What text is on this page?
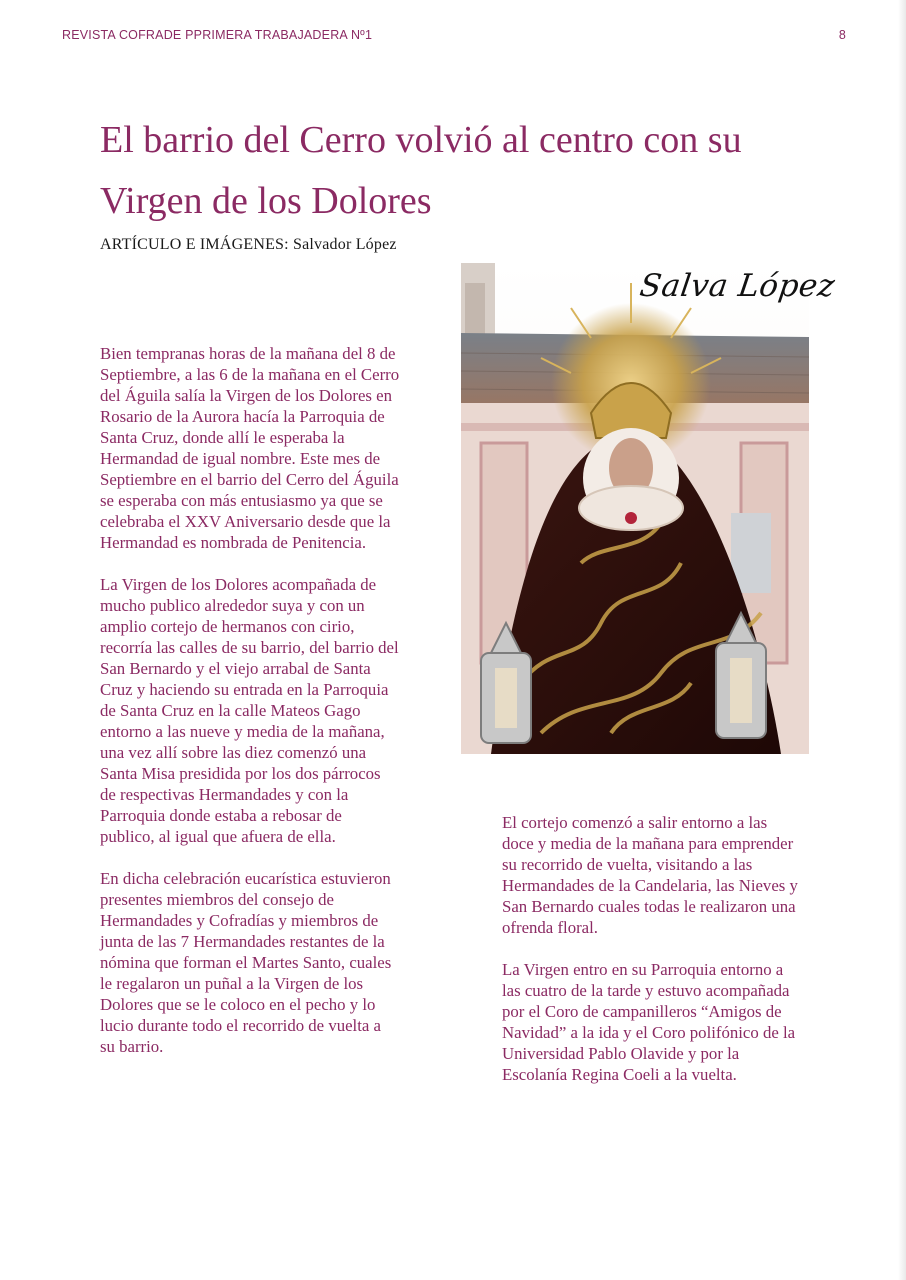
REVISTA COFRADE PPRIMERA TRABAJADERA Nº1	8
El barrio del Cerro volvió al centro con su
Virgen de los Dolores
ARTÍCULO E IMÁGENES: Salvador López

Bien tempranas horas de la mañana del 8 de Septiembre, a las 6 de la mañana en el Cerro del Águila salía la Virgen de los Dolores en Rosario de la Aurora hacía la Parroquia de Santa Cruz, donde allí le esperaba la Hermandad de igual nombre. Este mes de Septiembre en el barrio del Cerro del Águila se esperaba con más entusiasmo ya que se celebraba el XXV Aniversario desde que la Hermandad es nombrada de Penitencia.

La Virgen de los Dolores acompañada de mucho publico alrededor suya y con un amplio cortejo de hermanos con cirio, recorría las calles de su barrio, del barrio del San Bernardo y el viejo arrabal de Santa Cruz y haciendo su entrada en la Parroquia de Santa Cruz en la calle Mateos Gago entorno a las nueve y media de la mañana, una vez allí sobre las diez comenzó una Santa Misa presidida por los dos párrocos de respectivas Hermandades y con la Parroquia donde estaba a rebosar de publico, al igual que afuera de ella.

En dicha celebración eucarística estuvieron presentes miembros del consejo de Hermandades y Cofradías y miembros de junta de las 7 Hermandades restantes de la nómina que forman el Martes Santo, cuales le regalaron un puñal a la Virgen de los Dolores que se le coloco en el pecho y lo lucio durante todo el recorrido de vuelta a su barrio.

Salva López

El cortejo comenzó a salir entorno a las doce y media de la mañana para emprender su recorrido de vuelta, visitando a las Hermandades de la Candelaria, las Nieves y San Bernardo cuales todas le realizaron una ofrenda floral.

La Virgen entro en su Parroquia entorno a las cuatro de la tarde y estuvo acompañada por el Coro de campanilleros “Amigos de Navidad” a la ida y el Coro polifónico de la Universidad Pablo Olavide y por la Escolanía Regina Coeli a la vuelta.
